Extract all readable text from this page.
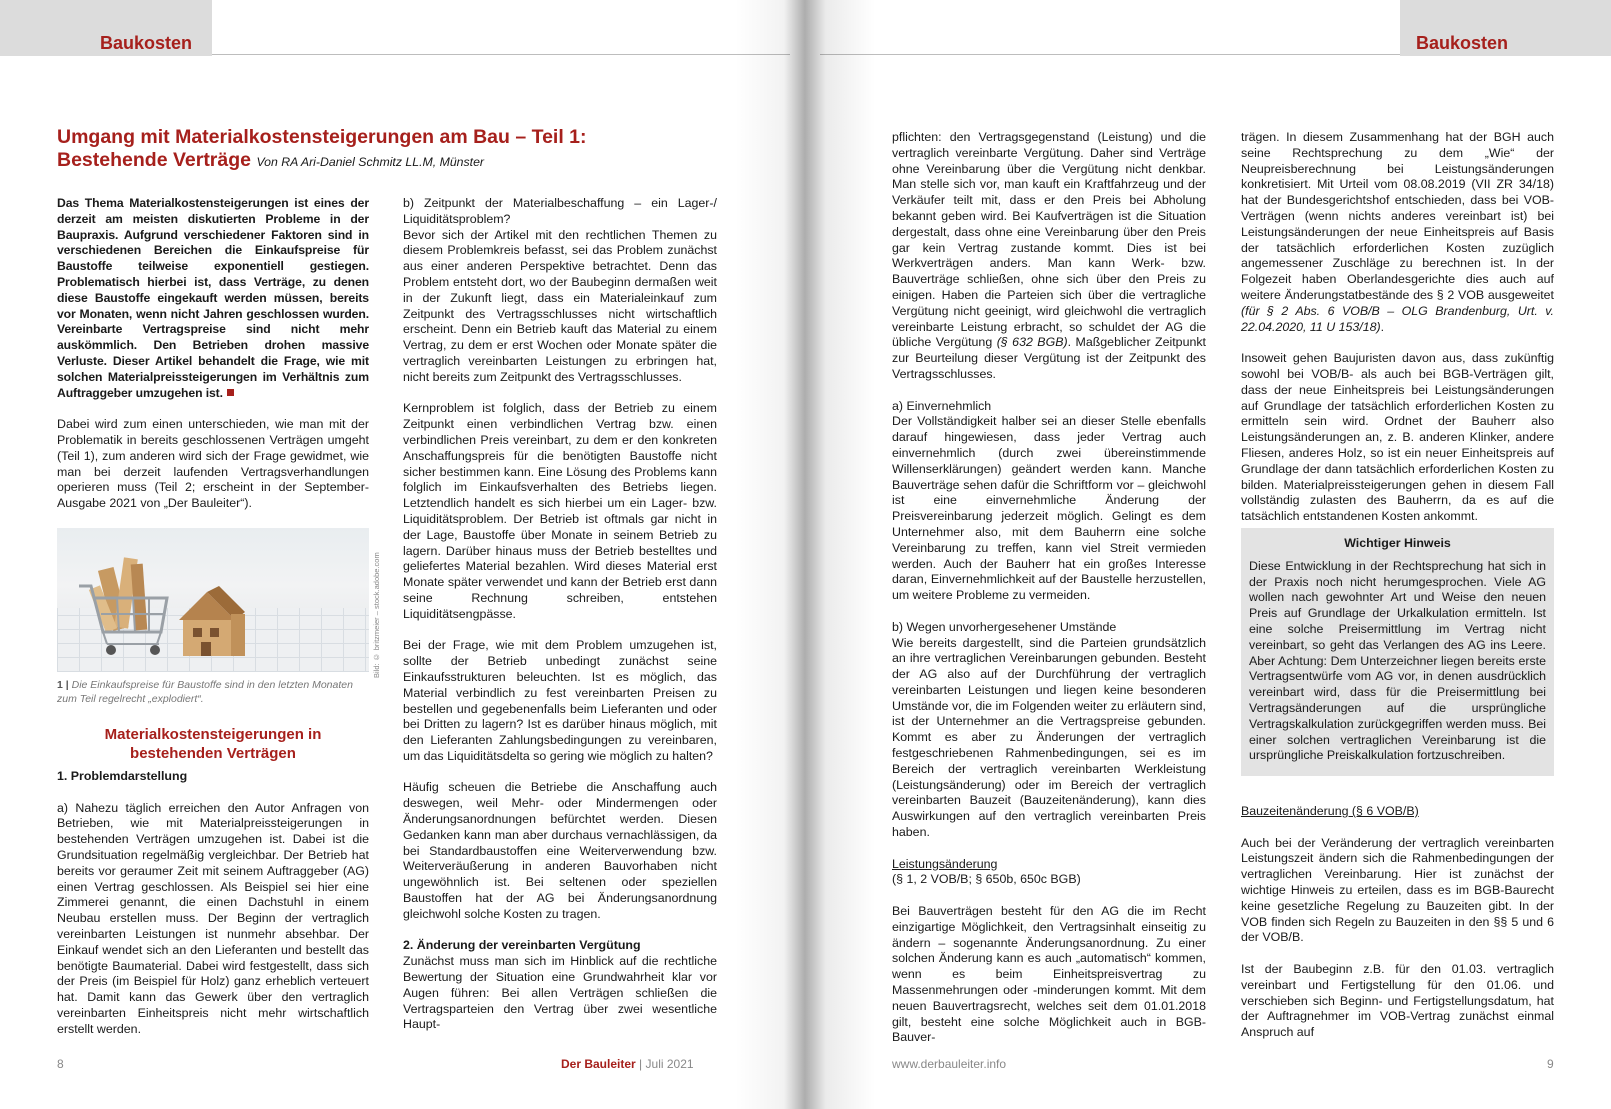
Baukosten	Baukosten
Umgang mit Materialkostensteigerungen am Bau – Teil 1:
Bestehende Verträge Von RA Ari-Daniel Schmitz LL.M, Münster

Das Thema Materialkostensteigerungen ist eines der derzeit am meisten diskutierten Probleme in der Baupraxis. Aufgrund verschiedener Faktoren sind in verschiedenen Bereichen die Einkaufspreise für Baustoffe teilweise exponentiell gestiegen. Problematisch hierbei ist, dass Verträge, zu denen diese Baustoffe eingekauft werden müssen, bereits vor Monaten, wenn nicht Jahren geschlossen wurden. Vereinbarte Vertragspreise sind nicht mehr auskömmlich. Den Betrieben drohen massive Verluste. Dieser Artikel behandelt die Frage, wie mit solchen Materialpreissteigerungen im Verhältnis zum Auftraggeber umzugehen ist.

Dabei wird zum einen unterschieden, wie man mit der Problematik in bereits geschlossenen Verträgen umgeht (Teil 1), zum anderen wird sich der Frage gewidmet, wie man bei derzeit laufenden Vertragsverhandlungen operieren muss (Teil 2; erscheint in der September-Ausgabe 2021 von „Der Bauleiter“).

Bild: © britzmeier – stock.adobe.com
1 | Die Einkaufspreise für Baustoffe sind in den letzten Monaten zum Teil regelrecht „explodiert“.
Materialkostensteigerungen in
bestehenden Verträgen

1. Problemdarstellung

a) Nahezu täglich erreichen den Autor Anfragen von Betrieben, wie mit Materialpreissteigerungen in bestehenden Verträgen umzugehen ist. Dabei ist die Grundsituation regelmäßig vergleichbar. Der Betrieb hat bereits vor geraumer Zeit mit seinem Auftraggeber (AG) einen Vertrag geschlossen. Als Beispiel sei hier eine Zimmerei genannt, die einen Dachstuhl in einem Neubau erstellen muss. Der Beginn der vertraglich vereinbarten Leistungen ist nunmehr absehbar. Der Einkauf wendet sich an den Lieferanten und bestellt das benötigte Baumaterial. Dabei wird festgestellt, dass sich der Preis (im Beispiel für Holz) ganz erheblich verteuert hat. Damit kann das Gewerk über den vertraglich vereinbarten Einheitspreis nicht mehr wirtschaftlich erstellt werden.

b) Zeitpunkt der Materialbeschaffung – ein Lager-/ Liquiditätsproblem?

Bevor sich der Artikel mit den rechtlichen Themen zu diesem Problemkreis befasst, sei das Problem zunächst aus einer anderen Perspektive betrachtet. Denn das Problem entsteht dort, wo der Baubeginn dermaßen weit in der Zukunft liegt, dass ein Materialeinkauf zum Zeitpunkt des Vertragsschlusses nicht wirtschaftlich erscheint. Denn ein Betrieb kauft das Material zu einem Vertrag, zu dem er erst Wochen oder Monate später die vertraglich vereinbarten Leistungen zu erbringen hat, nicht bereits zum Zeitpunkt des Vertragsschlusses.

Kernproblem ist folglich, dass der Betrieb zu einem Zeitpunkt einen verbindlichen Vertrag bzw. einen verbindlichen Preis vereinbart, zu dem er den konkreten Anschaffungspreis für die benötigten Baustoffe nicht sicher bestimmen kann. Eine Lösung des Problems kann folglich im Einkaufsverhalten des Betriebs liegen. Letztendlich handelt es sich hierbei um ein Lager- bzw. Liquiditätsproblem. Der Betrieb ist oftmals gar nicht in der Lage, Baustoffe über Monate in seinem Betrieb zu lagern. Darüber hinaus muss der Betrieb bestelltes und geliefertes Material bezahlen. Wird dieses Material erst Monate später verwendet und kann der Betrieb erst dann seine Rechnung schreiben, entstehen Liquiditätsengpässe.

Bei der Frage, wie mit dem Problem umzugehen ist, sollte der Betrieb unbedingt zunächst seine Einkaufsstrukturen beleuchten. Ist es möglich, das Material verbindlich zu fest vereinbarten Preisen zu bestellen und gegebenenfalls beim Lieferanten und oder bei Dritten zu lagern? Ist es darüber hinaus möglich, mit den Lieferanten Zahlungsbedingungen zu vereinbaren, um das Liquiditätsdelta so gering wie möglich zu halten?

Häufig scheuen die Betriebe die Anschaffung auch deswegen, weil Mehr- oder Mindermengen oder Änderungsanordnungen befürchtet werden. Diesen Gedanken kann man aber durchaus vernachlässigen, da bei Standardbaustoffen eine Weiterverwendung bzw. Weiterveräußerung in anderen Bauvorhaben nicht ungewöhnlich ist. Bei seltenen oder speziellen Baustoffen hat der AG bei Änderungsanordnung gleichwohl solche Kosten zu tragen.

2. Änderung der vereinbarten Vergütung

Zunächst muss man sich im Hinblick auf die rechtliche Bewertung der Situation eine Grundwahrheit klar vor Augen führen: Bei allen Verträgen schließen die Vertragsparteien den Vertrag über zwei wesentliche Haupt-

pflichten: den Vertragsgegenstand (Leistung) und die vertraglich vereinbarte Vergütung. Daher sind Verträge ohne Vereinbarung über die Vergütung nicht denkbar. Man stelle sich vor, man kauft ein Kraftfahrzeug und der Verkäufer teilt mit, dass er den Preis bei Abholung bekannt geben wird. Bei Kaufverträgen ist die Situation dergestalt, dass ohne eine Vereinbarung über den Preis gar kein Vertrag zustande kommt. Dies ist bei Werkverträgen anders. Man kann Werk- bzw. Bauverträge schließen, ohne sich über den Preis zu einigen. Haben die Parteien sich über die vertragliche Vergütung nicht geeinigt, wird gleichwohl die vertraglich vereinbarte Leistung erbracht, so schuldet der AG die übliche Vergütung (§ 632 BGB). Maßgeblicher Zeitpunkt zur Beurteilung dieser Vergütung ist der Zeitpunkt des Vertragsschlusses.

a) Einvernehmlich

Der Vollständigkeit halber sei an dieser Stelle ebenfalls darauf hingewiesen, dass jeder Vertrag auch einvernehmlich (durch zwei übereinstimmende Willenserklärungen) geändert werden kann. Manche Bauverträge sehen dafür die Schriftform vor – gleichwohl ist eine einvernehmliche Änderung der Preisvereinbarung jederzeit möglich. Gelingt es dem Unternehmer also, mit dem Bauherrn eine solche Vereinbarung zu treffen, kann viel Streit vermieden werden. Auch der Bauherr hat ein großes Interesse daran, Einvernehmlichkeit auf der Baustelle herzustellen, um weitere Probleme zu vermeiden.

b) Wegen unvorhergesehener Umstände

Wie bereits dargestellt, sind die Parteien grundsätzlich an ihre vertraglichen Vereinbarungen gebunden. Besteht der AG also auf der Durchführung der vertraglich vereinbarten Leistungen und liegen keine besonderen Umstände vor, die im Folgenden weiter zu erläutern sind, ist der Unternehmer an die Vertragspreise gebunden. Kommt es aber zu Änderungen der vertraglich festgeschriebenen Rahmenbedingungen, sei es im Bereich der vertraglich vereinbarten Werkleistung (Leistungsänderung) oder im Bereich der vertraglich vereinbarten Bauzeit (Bauzeitenänderung), kann dies Auswirkungen auf den vertraglich vereinbarten Preis haben.

Leistungsänderung

(§ 1, 2 VOB/B; § 650b, 650c BGB)

Bei Bauverträgen besteht für den AG die im Recht einzigartige Möglichkeit, den Vertragsinhalt einseitig zu ändern – sogenannte Änderungsanordnung. Zu einer solchen Änderung kann es auch „automatisch“ kommen, wenn es beim Einheitspreisvertrag zu Massenmehrungen oder -minderungen kommt. Mit dem neuen Bauvertragsrecht, welches seit dem 01.01.2018 gilt, besteht eine solche Möglichkeit auch in BGB-Bauver-

trägen. In diesem Zusammenhang hat der BGH auch seine Rechtsprechung zu dem „Wie“ der Neupreisberechnung bei Leistungsänderungen konkretisiert. Mit Urteil vom 08.08.2019 (VII ZR 34/18) hat der Bundesgerichtshof entschieden, dass bei VOB-Verträgen (wenn nichts anderes vereinbart ist) bei Leistungsänderungen der neue Einheitspreis auf Basis der tatsächlich erforderlichen Kosten zuzüglich angemessener Zuschläge zu berechnen ist. In der Folgezeit haben Oberlandesgerichte dies auch auf weitere Änderungstatbestände des § 2 VOB ausgeweitet (für § 2 Abs. 6 VOB/B – OLG Brandenburg, Urt. v. 22.04.2020, 11 U 153/18).

Insoweit gehen Baujuristen davon aus, dass zukünftig sowohl bei VOB/B- als auch bei BGB-Verträgen gilt, dass der neue Einheitspreis bei Leistungsänderungen auf Grundlage der tatsächlich erforderlichen Kosten zu ermitteln sein wird. Ordnet der Bauherr also Leistungsänderungen an, z. B. anderen Klinker, andere Fliesen, anderes Holz, so ist ein neuer Einheitspreis auf Grundlage der dann tatsächlich erforderlichen Kosten zu bilden. Materialpreissteigerungen gehen in diesem Fall vollständig zulasten des Bauherrn, da es auf die tatsächlich entstandenen Kosten ankommt.

Wichtiger Hinweis
Diese Entwicklung in der Rechtsprechung hat sich in der Praxis noch nicht herumgesprochen. Viele AG wollen nach gewohnter Art und Weise den neuen Preis auf Grundlage der Urkalkulation ermitteln. Ist eine solche Preisermittlung im Vertrag nicht vereinbart, so geht das Verlangen des AG ins Leere. Aber Achtung: Dem Unterzeichner liegen bereits erste Vertragsentwürfe vom AG vor, in denen ausdrücklich vereinbart wird, dass für die Preisermittlung bei Vertragsänderungen auf die ursprüngliche Vertragskalkulation zurückgegriffen werden muss. Bei einer solchen vertraglichen Vereinbarung ist die ursprüngliche Preiskalkulation fortzuschreiben.

Bauzeitenänderung (§ 6 VOB/B)

Auch bei der Veränderung der vertraglich vereinbarten Leistungszeit ändern sich die Rahmenbedingungen der vertraglichen Vereinbarung. Hier ist zunächst der wichtige Hinweis zu erteilen, dass es im BGB-Baurecht keine gesetzliche Regelung zu Bauzeiten gibt. In der VOB finden sich Regeln zu Bauzeiten in den §§ 5 und 6 der VOB/B.

Ist der Baubeginn z.B. für den 01.03. vertraglich vereinbart und Fertigstellung für den 01.06. und verschieben sich Beginn- und Fertigstellungsdatum, hat der Auftragnehmer im VOB-Vertrag zunächst einmal Anspruch auf

8	Der Bauleiter | Juli 2021	www.derbauleiter.info	9
